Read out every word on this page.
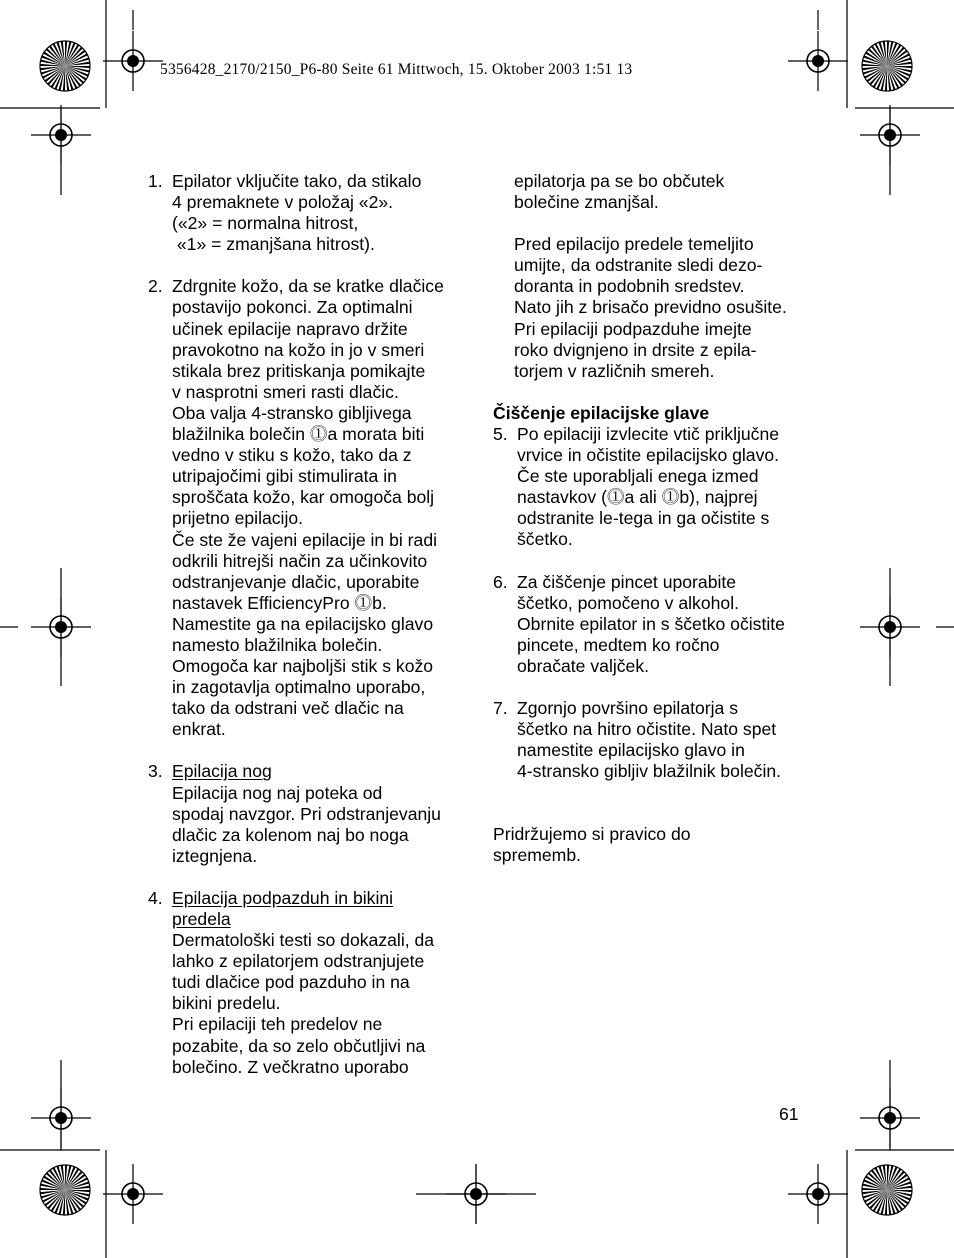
5356428_2170/2150_P6-80 Seite 61 Mittwoch, 15. Oktober 2003 1:51 13
1. Epilator vključite tako, da stikalo
4 premaknete v položaj «2».
(«2» = normalna hitrost,
«1» = zmanjšana hitrost).
2. Zdrgnite kožo, da se kratke dlačice
postavijo pokonci. Za optimalni
učinek epilacije napravo držite
pravokotno na kožo in jo v smeri
stikala brez pritiskanja pomikajte
v nasprotni smeri rasti dlačic.
Oba valja 4-stransko gibljivega
blažilnika bolečin ⓵a morata biti
vedno v stiku s kožo, tako da z
utripajočimi gibi stimulirata in
sproščata kožo, kar omogoča bolj
prijetno epilacijo.
Če ste že vajeni epilacije in bi radi
odkrili hitrejši način za učinkovito
odstranjevanje dlačic, uporabite
nastavek EfficiencyPro ⓵b.
Namestite ga na epilacijsko glavo
namesto blažilnika bolečin.
Omogoča kar najboljši stik s kožo
in zagotavlja optimalno uporabo,
tako da odstrani več dlačic na
enkrat.
3. Epilacija nog
Epilacija nog naj poteka od
spodaj navzgor. Pri odstranjevanju
dlačic za kolenom naj bo noga
iztegnjena.
4. Epilacija podpazduh in bikini
predela
Dermatološki testi so dokazali, da
lahko z epilatorjem odstranjujete
tudi dlačice pod pazduho in na
bikini predelu.
Pri epilaciji teh predelov ne
pozabite, da so zelo občutljivi na
bolečino. Z večkratno uporabo
epilatorja pa se bo občutek
bolečine zmanjšal.
Pred epilacijo predele temeljito
umijte, da odstranite sledi dezo-
doranta in podobnih sredstev.
Nato jih z brisačo previdno osušite.
Pri epilaciji podpazduhe imejte
roko dvignjeno in drsite z epila-
torjem v različnih smereh.
Čiščenje epilacijske glave
5. Po epilaciji izvlecite vtič priključne
vrvice in očistite epilacijsko glavo.
Če ste uporabljali enega izmed
nastavkov (⓵a ali ⓵b), najprej
odstranite le-tega in ga očistite s
ščetko.
6. Za čiščenje pincet uporabite
ščetko, pomočeno v alkohol.
Obrnite epilator in s ščetko očistite
pincete, medtem ko ročno
obračate valjček.
7. Zgornjo površino epilatorja s
ščetko na hitro očistite. Nato spet
namestite epilacijsko glavo in
4-stransko gibljiv blažilnik bolečin.
Pridržujemo si pravico do
sprememb.
61
